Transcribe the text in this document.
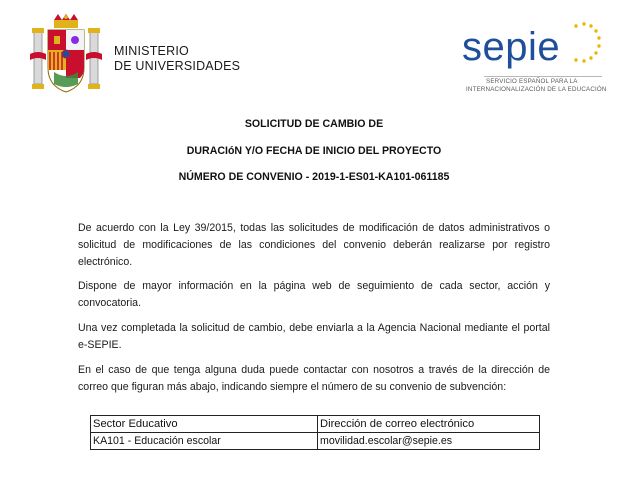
MINISTERIO
DE UNIVERSIDADES	sepie
SERVICIO ESPAÑOL PARA LA
INTERNACIONALIZACIÓN DE LA EDUCACIÓN
SOLICITUD DE CAMBIO DE
DURACIóN Y/O FECHA DE INICIO DEL PROYECTO
NÚMERO DE CONVENIO - 2019-1-ES01-KA101-061185
De acuerdo con la Ley 39/2015, todas las solicitudes de modificación de datos administrativos o solicitud de modificaciones de las condiciones del convenio deberán realizarse por registro electrónico.
Dispone de mayor información en la página web de seguimiento de cada sector, acción y convocatoria.
Una vez completada la solicitud de cambio, debe enviarla a la Agencia Nacional mediante el portal e-SEPIE.
En el caso de que tenga alguna duda puede contactar con nosotros a través de la dirección de correo que figuran más abajo, indicando siempre el número de su convenio de subvención:
Sector Educativo	Dirección de correo electrónico
KA101 - Educación escolar	movilidad.escolar@sepie.es
